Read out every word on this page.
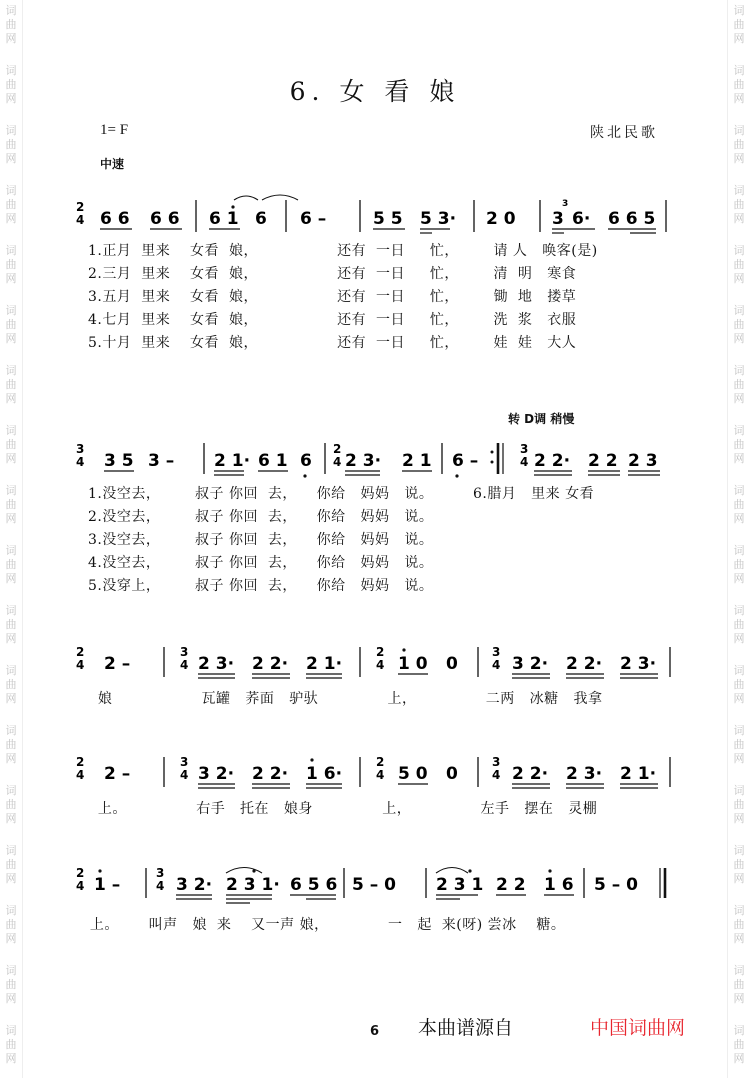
词
曲
网
词
曲
网
词
曲
网
词
曲
网
词
曲
网
词
曲
网
词
曲
网
词
曲
网
词
曲
网
词
曲
网
词
曲
网
词
曲
网
词
曲
网
词
曲
网
词
曲
网
词
曲
网
词
曲
网
词
曲
网
词
曲
网
词
曲
网
词
曲
网
词
曲
网
词
曲
网
词
曲
网
词
曲
网
词
曲
网
词
曲
网
词
曲
网
词
曲
网
词
曲
网
词
曲
网
词
曲
网
词
曲
网
词
曲
网
词
曲
网
词
曲
网
6. 女 看 娘
1= F	陕北民歌
中速
转 D调 稍慢
2
4 6 6 6 6 6 1 6 6 –	5 5 5 3· 2 0 3
3
6· 6 6 5
3
4 3 5 3 – 2 1· 6 1 6
2
4 2 3· 2 1 6 –
3
4 2 2· 2 2 2 3
2
4 2 –
3
4 2 3· 2 2· 2 1·
2
4 1 0 0
3
4 3 2· 2 2· 2 3·
2
4 2 –
3
4 3 2· 2 2· 1 6·
2
4 5 0 0
3
4 2 2· 2 3· 2 1·
2
4 1 –
3
4 3 2· 2 3 1· 6 5 6 5 – 0 2 3 1 2 2 1 6 5 – 0
1.正月  里来    女看  娘，                还有  一日     忙，       请 人   唤客(是)
2.三月  里来    女看  娘，                还有  一日     忙，       清  明   寒食
3.五月  里来    女看  娘，                还有  一日     忙，       锄  地   搂草
4.七月  里来    女看  娘，                还有  一日     忙，       洗  浆   衣服
5.十月  里来    女看  娘，                还有  一日     忙，       娃  娃   大人
1.没空去，       叔子 你回  去，    你给   妈妈   说。        6.腊月   里来 女看
2.没空去，       叔子 你回  去，    你给   妈妈   说。
3.没空去，       叔子 你回  去，    你给   妈妈   说。
4.没空去，       叔子 你回  去，    你给   妈妈   说。
5.没穿上，       叔子 你回  去，    你给   妈妈   说。
娘                  瓦罐   荞面   驴驮              上，              二两   冰糖   我拿
上。              右手   托在   娘身              上，              左手   摆在   灵棚
上。      叫声   娘  来    又一声 娘，            一   起  来(呀) 尝冰    糖。
6 本曲谱源自	中国词曲网
